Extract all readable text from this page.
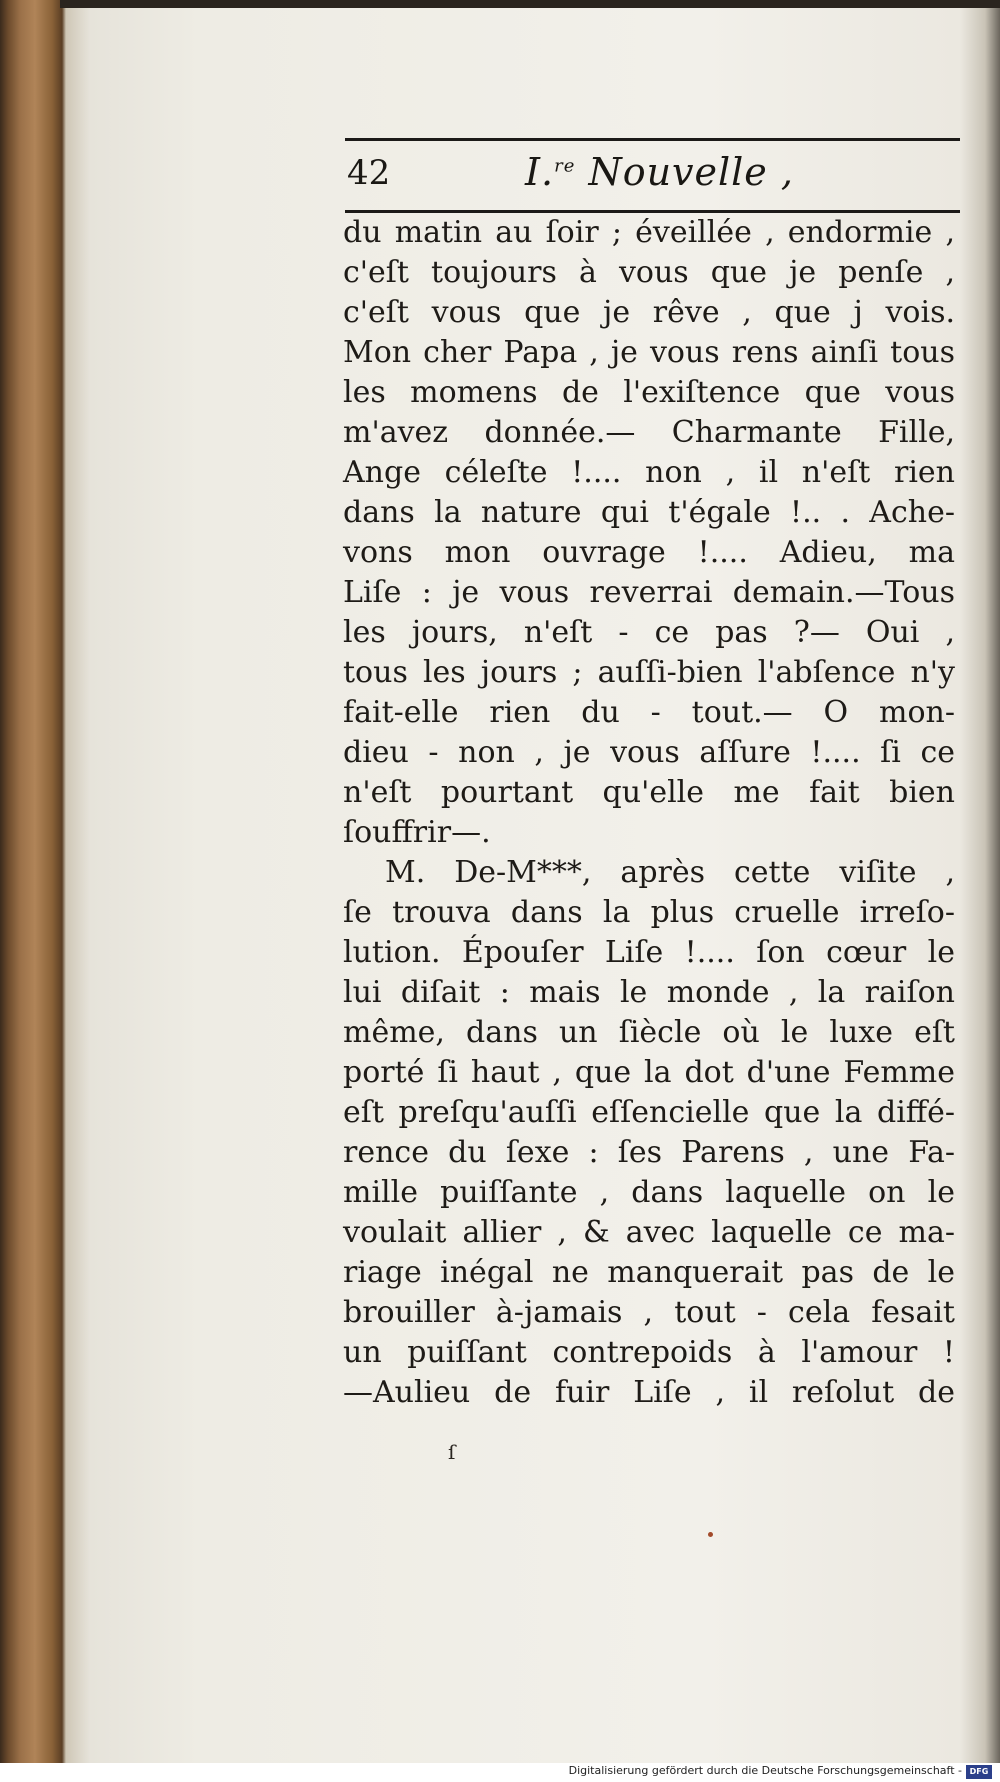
42	I.$^{re}$ Nouvelle ,
du matin au ſoir ; éveillée , endormie ,
c'eſt toujours à vous que je penſe ,
c'eſt vous que je rêve , que j vois.
Mon cher Papa , je vous rens ainſi tous
les momens de l'exiſtence que vous
m'avez donnée.— Charmante Fille,
Ange céleſte !.... non , il n'eſt rien
dans la nature qui t'égale !.. . Ache-
vons mon ouvrage !.... Adieu, ma
Liſe : je vous reverrai demain.—Tous
les jours, n'eſt - ce pas ?— Oui ,
tous les jours ; auſſi-bien l'abſence n'y
fait-elle rien du - tout.— O mon-
dieu - non , je vous aſſure !.... ſi ce
n'eſt pourtant qu'elle me fait bien
ſouffrir—.
M. De-M***, après cette viſite ,
ſe trouva dans la plus cruelle irreſo-
lution. Épouſer Liſe !.... ſon cœur le
lui diſait : mais le monde , la raiſon
même, dans un ſiècle où le luxe eſt
porté ſi haut , que la dot d'une Femme
eſt preſqu'auſſi eſſencielle que la diffé-
rence du ſexe : ſes Parens , une Fa-
mille puiſſante , dans laquelle on le
voulait allier , & avec laquelle ce ma-
riage inégal ne manquerait pas de le
brouiller à-jamais , tout - cela fesait
un puiſſant contrepoids à l'amour !
—Aulieu de fuir Liſe , il reſolut de
ſ
Digitalisierung gefördert durch die Deutsche Forschungsgemeinschaft - DFG
